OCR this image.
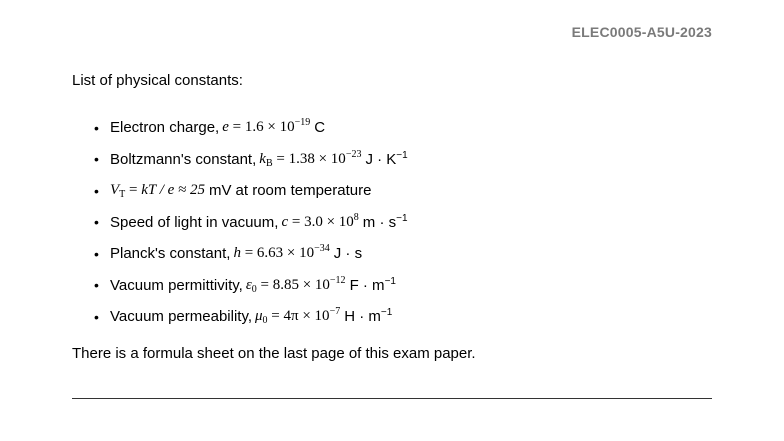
ELEC0005-A5U-2023
List of physical constants:
• Electron charge, $e = 1.6 \times 10^{-19}$ C
• Boltzmann's constant, $k_B = 1.38 \times 10^{-23}$ $J \cdot K^{-1}$
• $V_T$ = kT / e ≈ 25 mV at room temperature
• Speed of light in vacuum, $c = 3.0 \times 10^8$ $m \cdot s^{-1}$
• Planck's constant, $h = 6.63 \times 10^{-34}$ J · s
• Vacuum permittivity, $\varepsilon_0 = 8.85 \times 10^{-12}$ $F \cdot m^{-1}$
• Vacuum permeability, $\mu_0 = 4\pi \times 10^{-7}$ $H \cdot m^{-1}$
There is a formula sheet on the last page of this exam paper.
